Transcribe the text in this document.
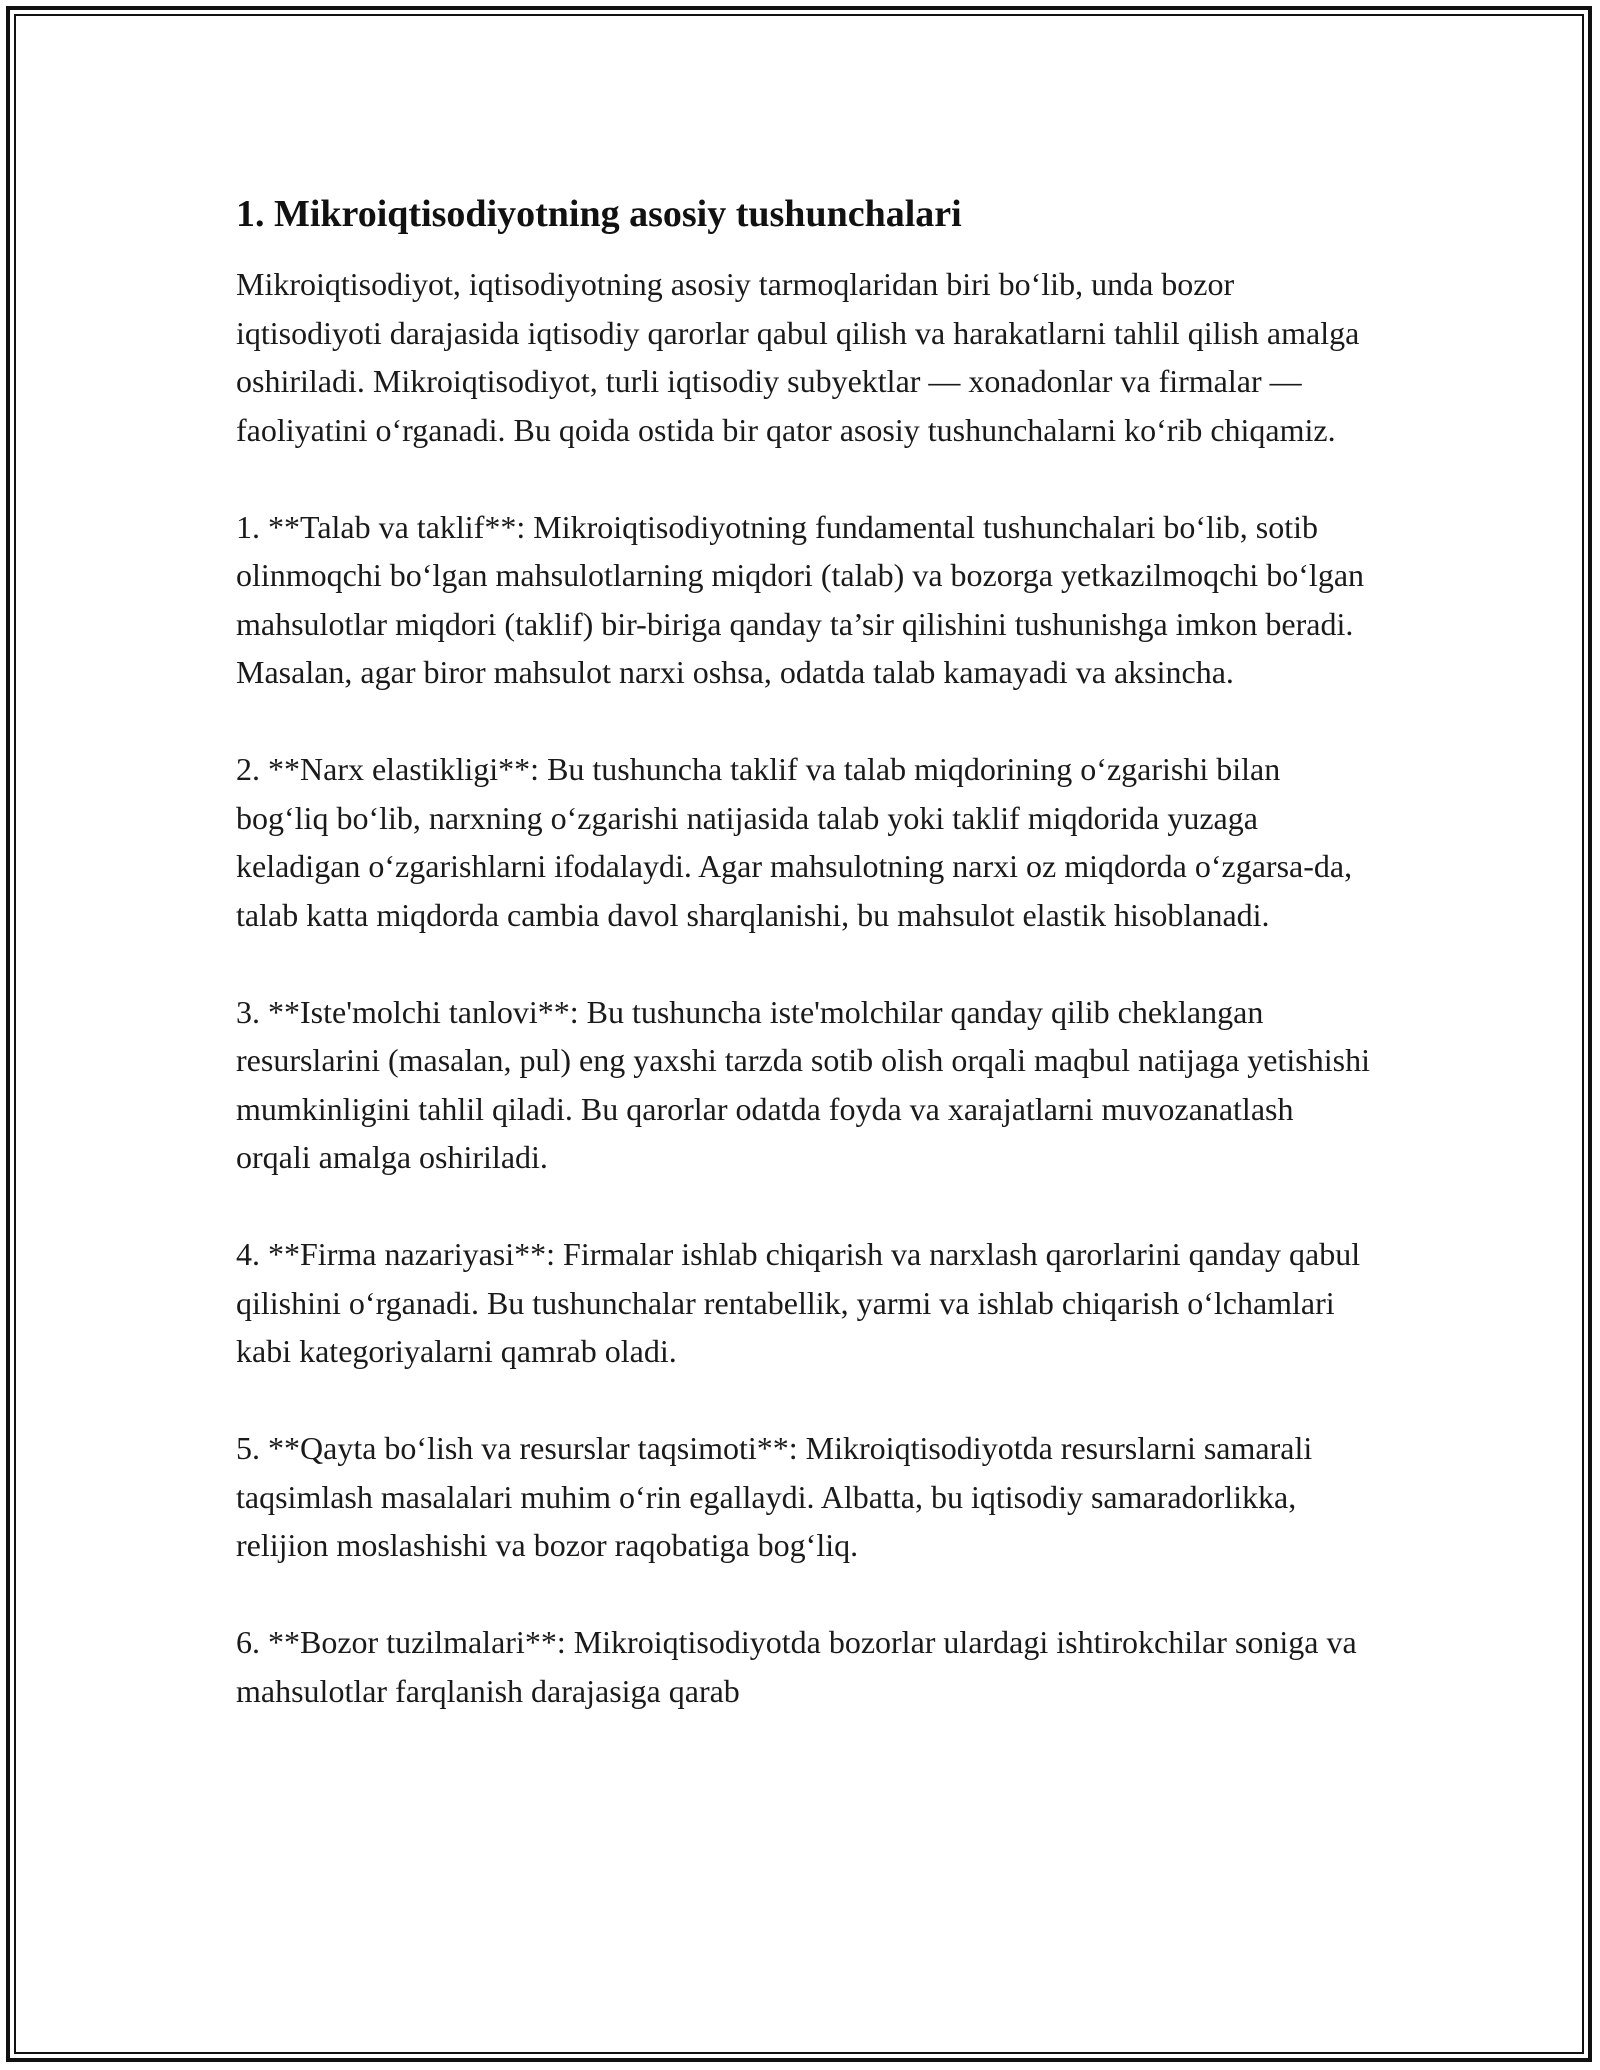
1. Mikroiqtisodiyotning asosiy tushunchalari

Mikroiqtisodiyot, iqtisodiyotning asosiy tarmoqlaridan biri bo‘lib, unda bozor iqtisodiyoti darajasida iqtisodiy qarorlar qabul qilish va harakatlarni tahlil qilish amalga oshiriladi. Mikroiqtisodiyot, turli iqtisodiy subyektlar — xonadonlar va firmalar — faoliyatini o‘rganadi. Bu qoida ostida bir qator asosiy tushunchalarni ko‘rib chiqamiz.

1. **Talab va taklif**: Mikroiqtisodiyotning fundamental tushunchalari bo‘lib, sotib olinmoqchi bo‘lgan mahsulotlarning miqdori (talab) va bozorga yetkazilmoqchi bo‘lgan mahsulotlar miqdori (taklif) bir-biriga qanday ta’sir qilishini tushunishga imkon beradi. Masalan, agar biror mahsulot narxi oshsa, odatda talab kamayadi va aksincha.

2. **Narx elastikligi**: Bu tushuncha taklif va talab miqdorining o‘zgarishi bilan bog‘liq bo‘lib, narxning o‘zgarishi natijasida talab yoki taklif miqdorida yuzaga keladigan o‘zgarishlarni ifodalaydi. Agar mahsulotning narxi oz miqdorda o‘zgarsa-da, talab katta miqdorda cambia davol sharqlanishi, bu mahsulot elastik hisoblanadi.

3. **Iste'molchi tanlovi**: Bu tushuncha iste'molchilar qanday qilib cheklangan resurslarini (masalan, pul) eng yaxshi tarzda sotib olish orqali maqbul natijaga yetishishi mumkinligini tahlil qiladi. Bu qarorlar odatda foyda va xarajatlarni muvozanatlash orqali amalga oshiriladi.

4. **Firma nazariyasi**: Firmalar ishlab chiqarish va narxlash qarorlarini qanday qabul qilishini o‘rganadi. Bu tushunchalar rentabellik, yarmi va ishlab chiqarish o‘lchamlari kabi kategoriyalarni qamrab oladi.

5. **Qayta bo‘lish va resurslar taqsimoti**: Mikroiqtisodiyotda resurslarni samarali taqsimlash masalalari muhim o‘rin egallaydi. Albatta, bu iqtisodiy samaradorlikka, relijion moslashishi va bozor raqobatiga bog‘liq.

6. **Bozor tuzilmalari**: Mikroiqtisodiyotda bozorlar ulardagi ishtirokchilar soniga va mahsulotlar farqlanish darajasiga qarab
